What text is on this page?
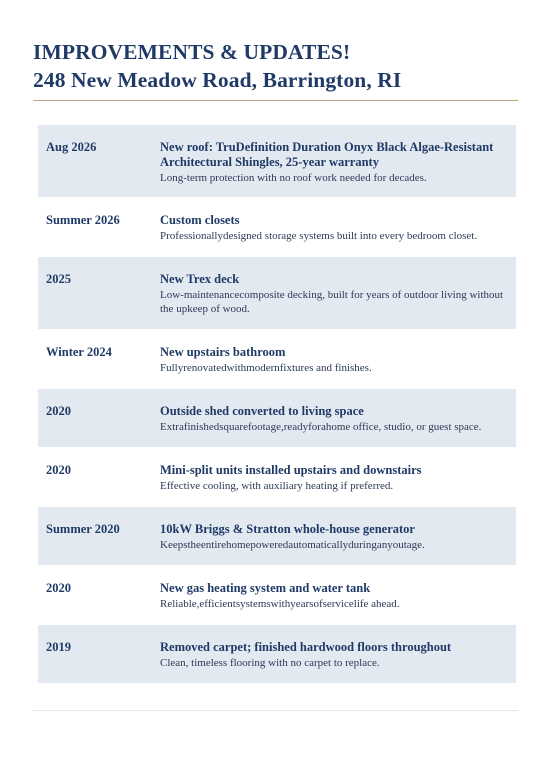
IMPROVEMENTS & UPDATES!
248 New Meadow Road, Barrington, RI
Aug 2026	New roof: TruDefinition Duration Onyx Black Algae-Resistant Architectural Shingles, 25-year warranty
Long-term protection with no roof work needed for decades.
Summer 2026	Custom closets
Professionallydesigned storage systems built into every bedroom closet.
2025	New Trex deck
Low-maintenancecomposite decking, built for years of outdoor living without the upkeep of wood.
Winter 2024	New upstairs bathroom
Fullyrenovatedwithmodernfixtures and finishes.
2020	Outside shed converted to living space
Extrafinishedsquarefootage,readyforahome office, studio, or guest space.
2020	Mini-split units installed upstairs and downstairs
Effective cooling, with auxiliary heating if preferred.
Summer 2020	10kW Briggs & Stratton whole-house generator
Keepstheentirehomepoweredautomaticallyduringanyoutage.
2020	New gas heating system and water tank
Reliable,efficientsystemswithyearsofservicelife ahead.
2019	Removed carpet; finished hardwood floors throughout
Clean, timeless flooring with no carpet to replace.
